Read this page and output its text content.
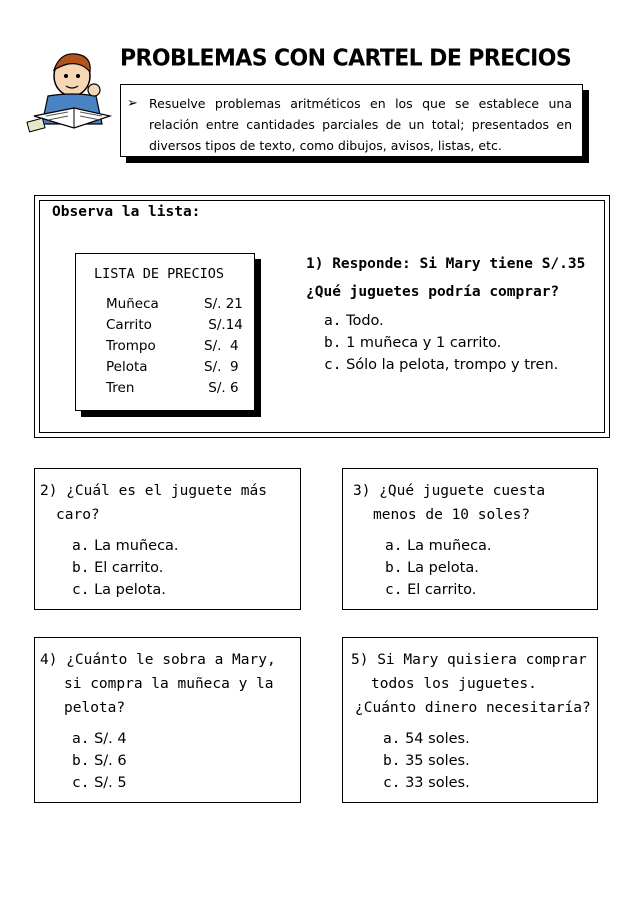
PROBLEMAS CON CARTEL DE PRECIOS
➢ Resuelve problemas aritméticos en los que se establece una relación entre cantidades parciales de un total; presentados en diversos tipos de texto, como dibujos, avisos, listas, etc.

Observa la lista:
LISTA DE PRECIOS
Muñeca	S/. 21
Carrito	S/.14
Trompo	S/.  4
Pelota	S/.  9
Tren	S/. 6

1) Responde: Si Mary tiene S/.35

¿Qué juguetes podría comprar?

a. Todo.
b. 1 muñeca y 1 carrito.
c. Sólo la pelota, trompo y tren.

2) ¿Cuál es el juguete más

caro?

a. La muñeca.
b. El carrito.
c. La pelota.

3) ¿Qué juguete cuesta

menos de 10 soles?

a. La muñeca.
b. La pelota.
c. El carrito.

4) ¿Cuánto le sobra a Mary,

si compra la muñeca y la

pelota?

a. S/. 4
b. S/. 6
c. S/. 5

5) Si Mary quisiera comprar

todos los juguetes.

¿Cuánto dinero necesitaría?

a. 54 soles.
b. 35 soles.
c. 33 soles.
